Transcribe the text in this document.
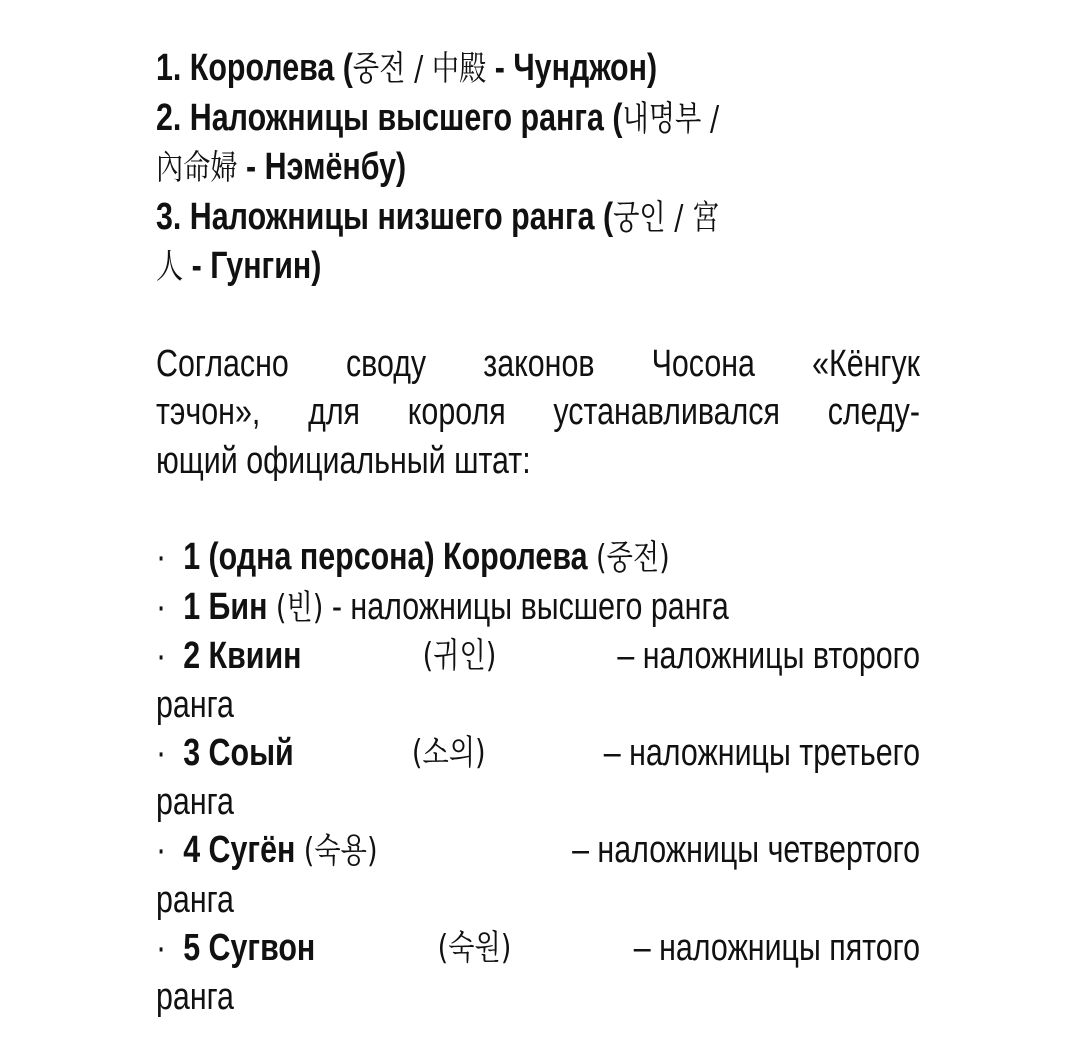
1. Королева (중전 / 中殿 - Чунджон)
2. Наложницы высшего ранга (내명부 /
內命婦 - Нэмёнбу)
3. Наложницы низшего ранга (궁인 / 宮
人 - Гунгин)
Согласно своду законов Чосона «Кёнгук
тэчон», для короля устанавливался следу-
ющий официальный штат:
· 1 (одна персона) Королева (중전)
· 1 Бин (빈) - наложницы высшего ранга
· 2 Квиин	(귀인)	– наложницы второго
ранга
· 3 Соый	(소의)	– наложницы третьего
ранга
· 4 Сугён (숙용)	– наложницы четвертого
ранга
· 5 Сугвон	(숙원)	– наложницы пятого
ранга
